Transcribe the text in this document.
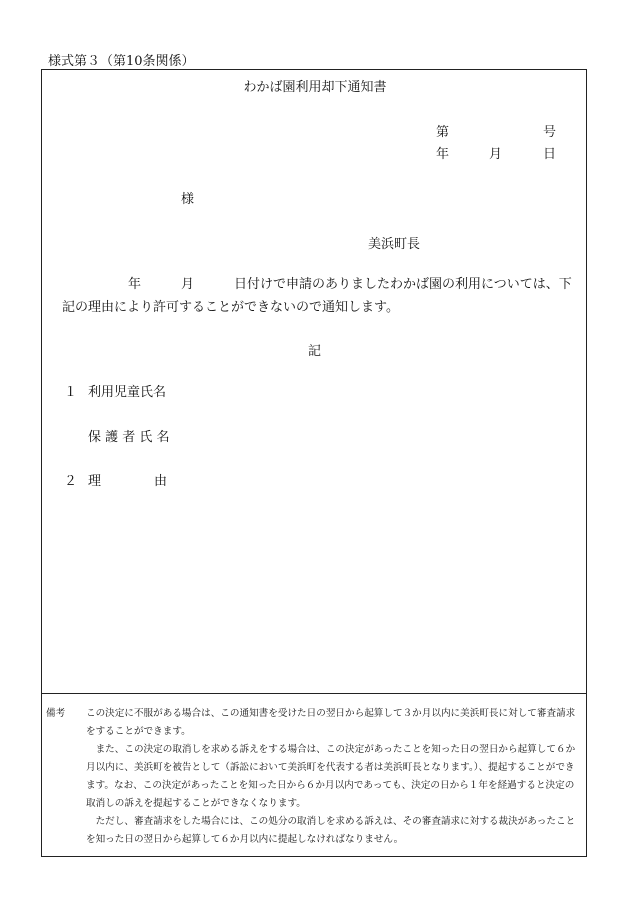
様式第３（第10条関係）
わかば園利用却下通知書
第	号
年	月	日
様
美浜町長
年	月	日付けで申請のありましたわかば園の利用については、下
記の理由により許可することができないので通知します。
記
１ 利用児童氏名
保 護 者 氏 名
２ 理	由
備考 この決定に不服がある場合は、この通知書を受けた日の翌日から起算して３か月以内に美浜町長に対して審査請求をすることができます。

また、この決定の取消しを求める訴えをする場合は、この決定があったことを知った日の翌日から起算して６か月以内に、美浜町を被告として（訴訟において美浜町を代表する者は美浜町長となります。）、提起することができます。なお、この決定があったことを知った日から６か月以内であっても、決定の日から１年を経過すると決定の取消しの訴えを提起することができなくなります。

ただし、審査請求をした場合には、この処分の取消しを求める訴えは、その審査請求に対する裁決があったことを知った日の翌日から起算して６か月以内に提起しなければなりません。
